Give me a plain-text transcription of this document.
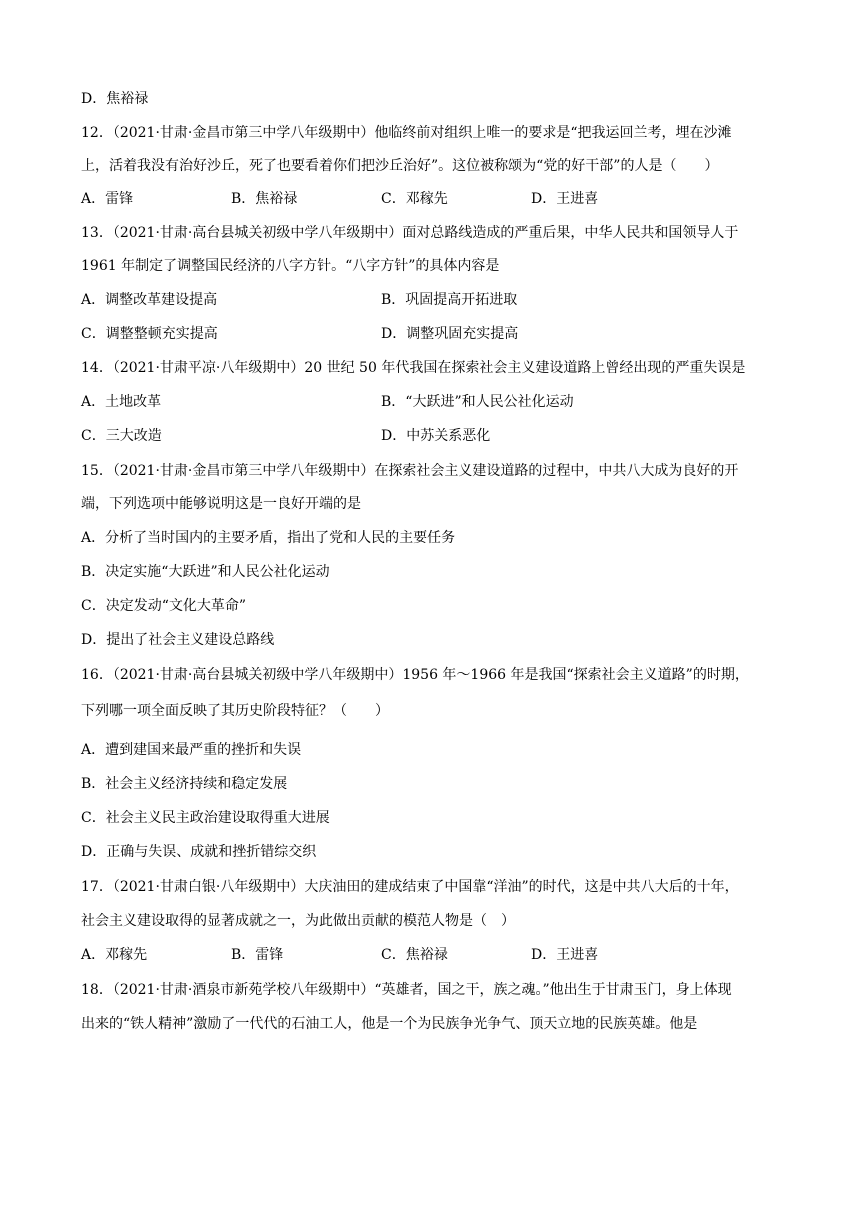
D．焦裕禄
12．（2021·甘肃·金昌市第三中学八年级期中）他临终前对组织上唯一的要求是“把我运回兰考，埋在沙滩
上，活着我没有治好沙丘，死了也要看着你们把沙丘治好”。这位被称颂为“党的好干部”的人是（　　）
A．雷锋	B．焦裕禄	C．邓稼先	D．王进喜
13．（2021·甘肃·高台县城关初级中学八年级期中）面对总路线造成的严重后果，中华人民共和国领导人于
1961 年制定了调整国民经济的八字方针。“八字方针”的具体内容是
A．调整改革建设提高	B．巩固提高开拓进取
C．调整整顿充实提高	D．调整巩固充实提高
14．（2021·甘肃平凉·八年级期中）20 世纪 50 年代我国在探索社会主义建设道路上曾经出现的严重失误是
A．土地改革	B．“大跃进”和人民公社化运动
C．三大改造	D．中苏关系恶化
15．（2021·甘肃·金昌市第三中学八年级期中）在探索社会主义建设道路的过程中，中共八大成为良好的开
端，下列选项中能够说明这是一良好开端的是
A．分析了当时国内的主要矛盾，指出了党和人民的主要任务
B．决定实施“大跃进”和人民公社化运动
C．决定发动“文化大革命”
D．提出了社会主义建设总路线
16．（2021·甘肃·高台县城关初级中学八年级期中）1956 年～1966 年是我国“探索社会主义道路”的时期，
下列哪一项全面反映了其历史阶段特征？（　　）
A．遭到建国来最严重的挫折和失误
B．社会主义经济持续和稳定发展
C．社会主义民主政治建设取得重大进展
D．正确与失误、成就和挫折错综交织
17．（2021·甘肃白银·八年级期中）大庆油田的建成结束了中国靠“洋油”的时代，这是中共八大后的十年，
社会主义建设取得的显著成就之一，为此做出贡献的模范人物是（　）
A．邓稼先	B．雷锋	C．焦裕禄	D．王进喜
18．（2021·甘肃·酒泉市新苑学校八年级期中）“英雄者，国之干，族之魂。”他出生于甘肃玉门，身上体现
出来的“铁人精神”激励了一代代的石油工人，他是一个为民族争光争气、顶天立地的民族英雄。他是
